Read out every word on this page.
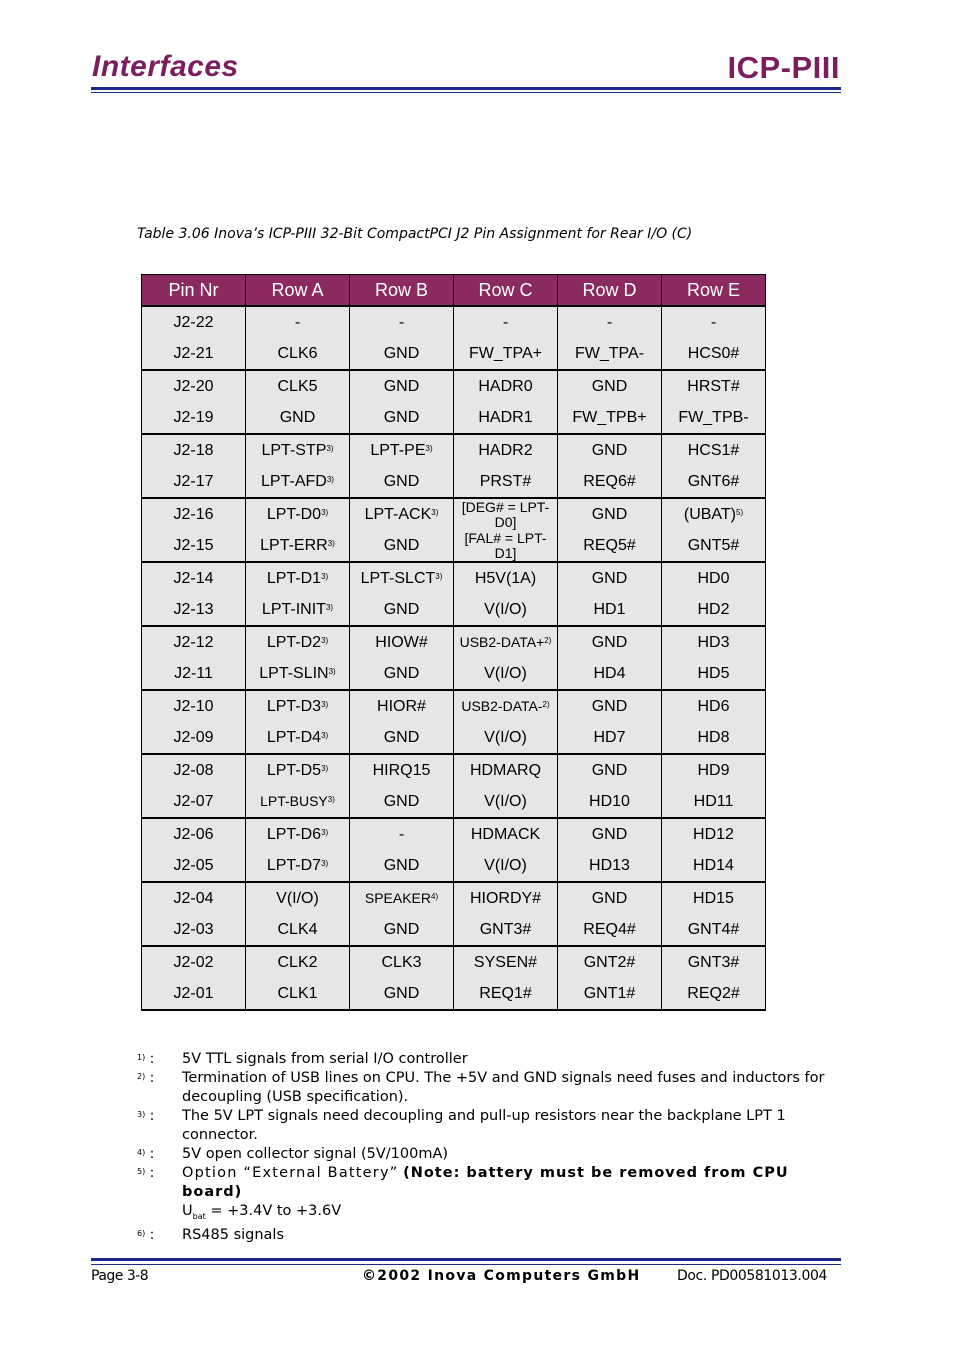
Interfaces	ICP-PIII
Table 3.06 Inova’s ICP-PIII 32-Bit CompactPCI J2 Pin Assignment for Rear I/O (C)
Pin Nr	Row A	Row B	Row C	Row D	Row E
J2-22	-	-	-	-	-
J2-21	CLK6	GND	FW_TPA+	FW_TPA-	HCS0#
J2-20	CLK5	GND	HADR0	GND	HRST#
J2-19	GND	GND	HADR1	FW_TPB+	FW_TPB-
J2-18	LPT-STP$^{3)}$	LPT-PE$^{3)}$	HADR2	GND	HCS1#
J2-17	LPT-AFD$^{3)}$	GND	PRST#	REQ6#	GNT6#
J2-16	LPT-D0$^{3)}$	LPT-ACK$^{3)}$	[DEG# = LPT-D0]	GND	(UBAT)$^{5)}$
J2-15	LPT-ERR$^{3)}$	GND	[FAL# = LPT-D1]	REQ5#	GNT5#
J2-14	LPT-D1$^{3)}$	LPT-SLCT$^{3)}$	H5V(1A)	GND	HD0
J2-13	LPT-INIT$^{3)}$	GND	V(I/O)	HD1	HD2
J2-12	LPT-D2$^{3)}$	HIOW#	USB2-DATA+$^{2)}$	GND	HD3
J2-11	LPT-SLIN$^{3)}$	GND	V(I/O)	HD4	HD5
J2-10	LPT-D3$^{3)}$	HIOR#	USB2-DATA-$^{2)}$	GND	HD6
J2-09	LPT-D4$^{3)}$	GND	V(I/O)	HD7	HD8
J2-08	LPT-D5$^{3)}$	HIRQ15	HDMARQ	GND	HD9
J2-07	LPT-BUSY$^{3)}$	GND	V(I/O)	HD10	HD11
J2-06	LPT-D6$^{3)}$	-	HDMACK	GND	HD12
J2-05	LPT-D7$^{3)}$	GND	V(I/O)	HD13	HD14
J2-04	V(I/O)	SPEAKER$^{4)}$	HIORDY#	GND	HD15
J2-03	CLK4	GND	GNT3#	REQ4#	GNT4#
J2-02	CLK2	CLK3	SYSEN#	GNT2#	GNT3#
J2-01	CLK1	GND	REQ1#	GNT1#	REQ2#
$^{1)}$ :	5V TTL signals from serial I/O controller
$^{2)}$ :	Termination of USB lines on CPU. The +5V and GND signals need fuses and inductors for decoupling (USB specification).
$^{3)}$ :	The 5V LPT signals need decoupling and pull-up resistors near the backplane LPT 1 connector.
$^{4)}$ :	5V open collector signal (5V/100mA)
$^{5)}$ :	Option “External Battery” (Note: battery must be removed from CPU board)
$U_{bat} = +3.4V$ to +3.6V
$^{6)}$ :	RS485 signals
Page 3-8	©2002 Inova Computers GmbH	Doc. PD00581013.004
